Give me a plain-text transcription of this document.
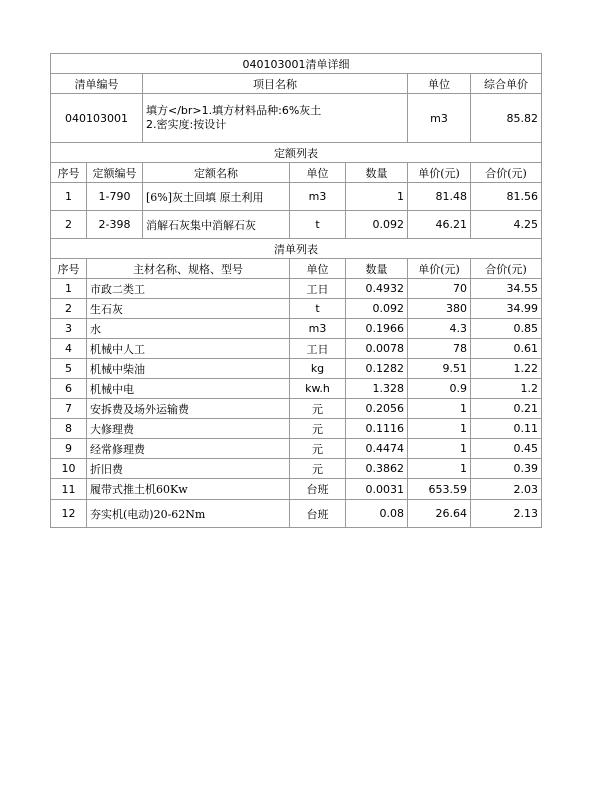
040103001清单详细						
清单编号		项目名称			单位	综合单价
040103001		填方</br>1.填方材料品种:6%灰土
2.密实度:按设计			m3	85.82
定额列表						
序号	定额编号	定额名称	单位	数量	单价(元)	合价(元)
1	1-790	[6%]灰土回填 原土利用	m3	1	81.48	81.56
2	2-398	消解石灰集中消解石灰	t	0.092	46.21	4.25
清单列表						
序号	主材名称、规格、型号		单位	数量	单价(元)	合价(元)
1	市政二类工		工日	0.4932	70	34.55
2	生石灰		t	0.092	380	34.99
3	水		m3	0.1966	4.3	0.85
4	机械中人工		工日	0.0078	78	0.61
5	机械中柴油		kg	0.1282	9.51	1.22
6	机械中电		kw.h	1.328	0.9	1.2
7	安拆费及场外运输费		元	0.2056	1	0.21
8	大修理费		元	0.1116	1	0.11
9	经常修理费		元	0.4474	1	0.45
10	折旧费		元	0.3862	1	0.39
11	履带式推土机60Kw		台班	0.0031	653.59	2.03
12	夯实机(电动)20-62Nm		台班	0.08	26.64	2.13
